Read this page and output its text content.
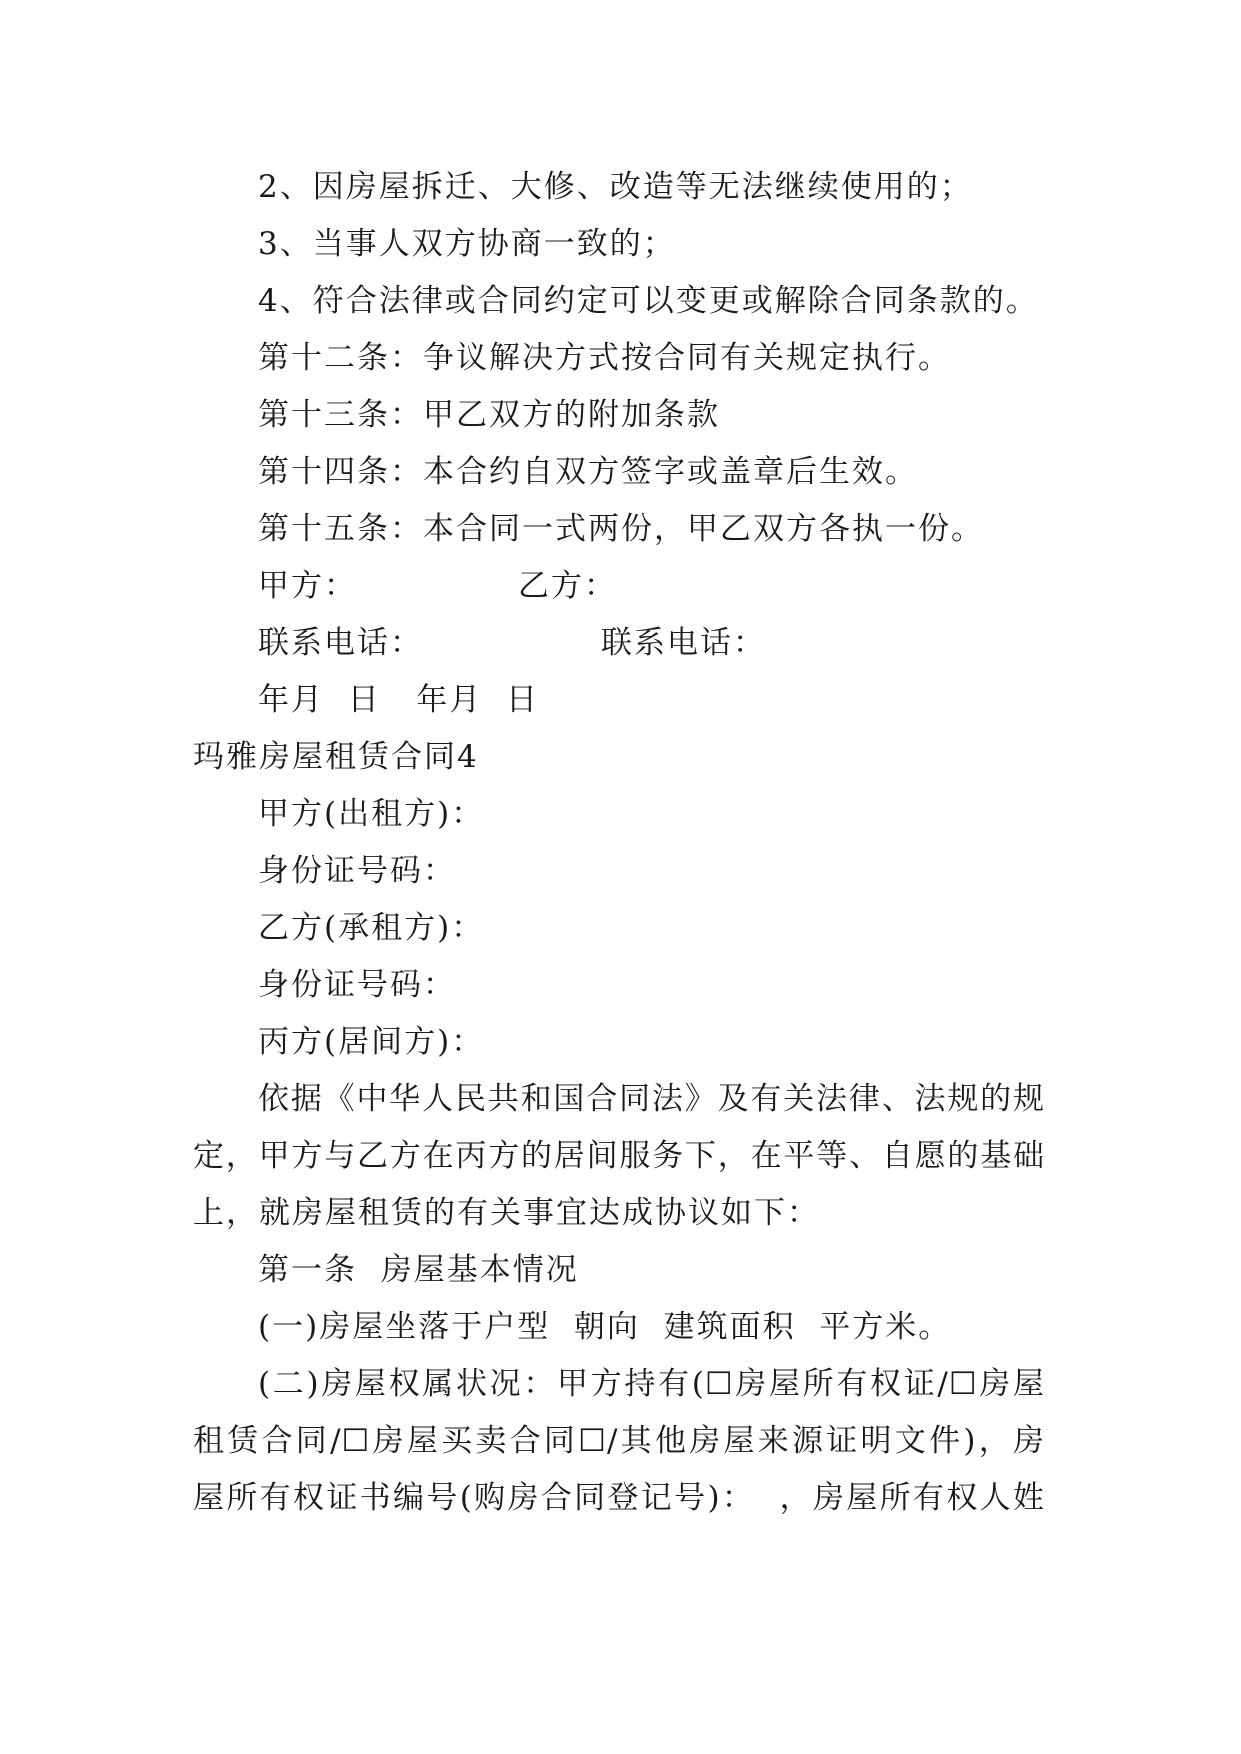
2、因房屋拆迁、大修、改造等无法继续使用的；
3、当事人双方协商一致的；
4、符合法律或合同约定可以变更或解除合同条款的。
第十二条：争议解决方式按合同有关规定执行。
第十三条：甲乙双方的附加条款
第十四条：本合约自双方签字或盖章后生效。
第十五条：本合同一式两份，甲乙双方各执一份。
甲方：	乙方：
联系电话：	联系电话：
年月  日   年月  日
玛雅房屋租赁合同4
甲方(出租方)：
身份证号码：
乙方(承租方)：
身份证号码：
丙方(居间方)：
依据《中华人民共和国合同法》及有关法律、法规的规
定，甲方与乙方在丙方的居间服务下，在平等、自愿的基础
上，就房屋租赁的有关事宜达成协议如下：
第一条  房屋基本情况
(一)房屋坐落于户型  朝向  建筑面积  平方米。
(二)房屋权属状况：甲方持有(☐房屋所有权证/☐房屋
租赁合同/☐房屋买卖合同☐/其他房屋来源证明文件)，房
屋所有权证书编号(购房合同登记号)：  ，房屋所有权人姓
